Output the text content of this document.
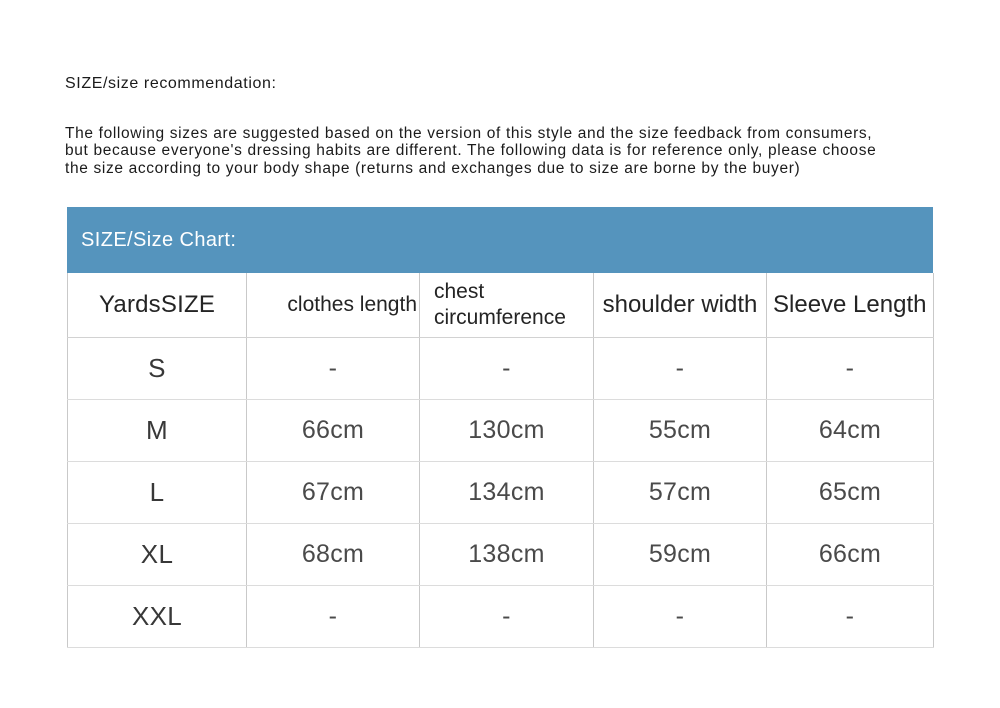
SIZE/size recommendation:
The following sizes are suggested based on the version of this style and the size feedback from consumers,
but because everyone's dressing habits are different. The following data is for reference only, please choose
the size according to your body shape (returns and exchanges due to size are borne by the buyer)
SIZE/Size Chart:
YardsSIZE	clothes length	chest circumference	shoulder width	Sleeve Length
S	-	-	-	-
M	66cm	130cm	55cm	64cm
L	67cm	134cm	57cm	65cm
XL	68cm	138cm	59cm	66cm
XXL	-	-	-	-
